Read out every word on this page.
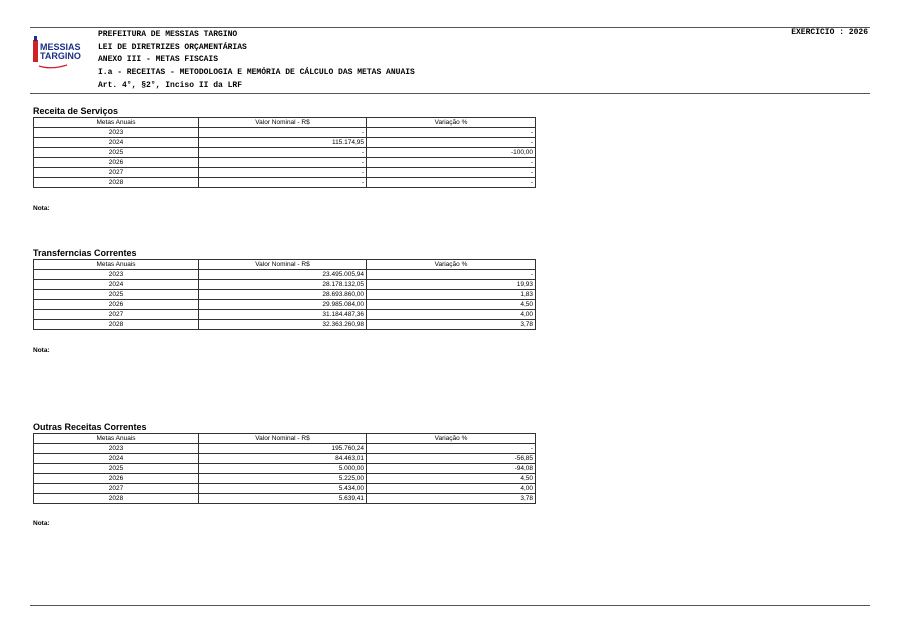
MESSIAS
TARGINO
PREFEITURA DE MESSIAS TARGINO
LEI DE DIRETRIZES ORÇAMENTÁRIAS
ANEXO III - METAS FISCAIS
I.a - RECEITAS - METODOLOGIA E MEMÓRIA DE CÁLCULO DAS METAS ANUAIS
Art. 4°, §2°, Inciso II da LRF
EXERCICIO : 2026
Receita de Serviços
Metas Anuais	Valor Nominal - R$	Variação %
2023	-	-
2024	115.174,95	-
2025	-	-100,00
2026	-	-
2027	-	-
2028	-	-
Nota:
Transferncias Correntes
Metas Anuais	Valor Nominal - R$	Variação %
2023	23.495.005,94	-
2024	28.178.132,05	19,93
2025	28.693.860,00	1,83
2026	29.985.084,00	4,50
2027	31.184.487,36	4,00
2028	32.363.260,98	3,78
Nota:
Outras Receitas Correntes
Metas Anuais	Valor Nominal - R$	Variação %
2023	195.760,24	-
2024	84.463,01	-56,85
2025	5.000,00	-94,08
2026	5.225,00	4,50
2027	5.434,00	4,00
2028	5.639,41	3,78
Nota:
